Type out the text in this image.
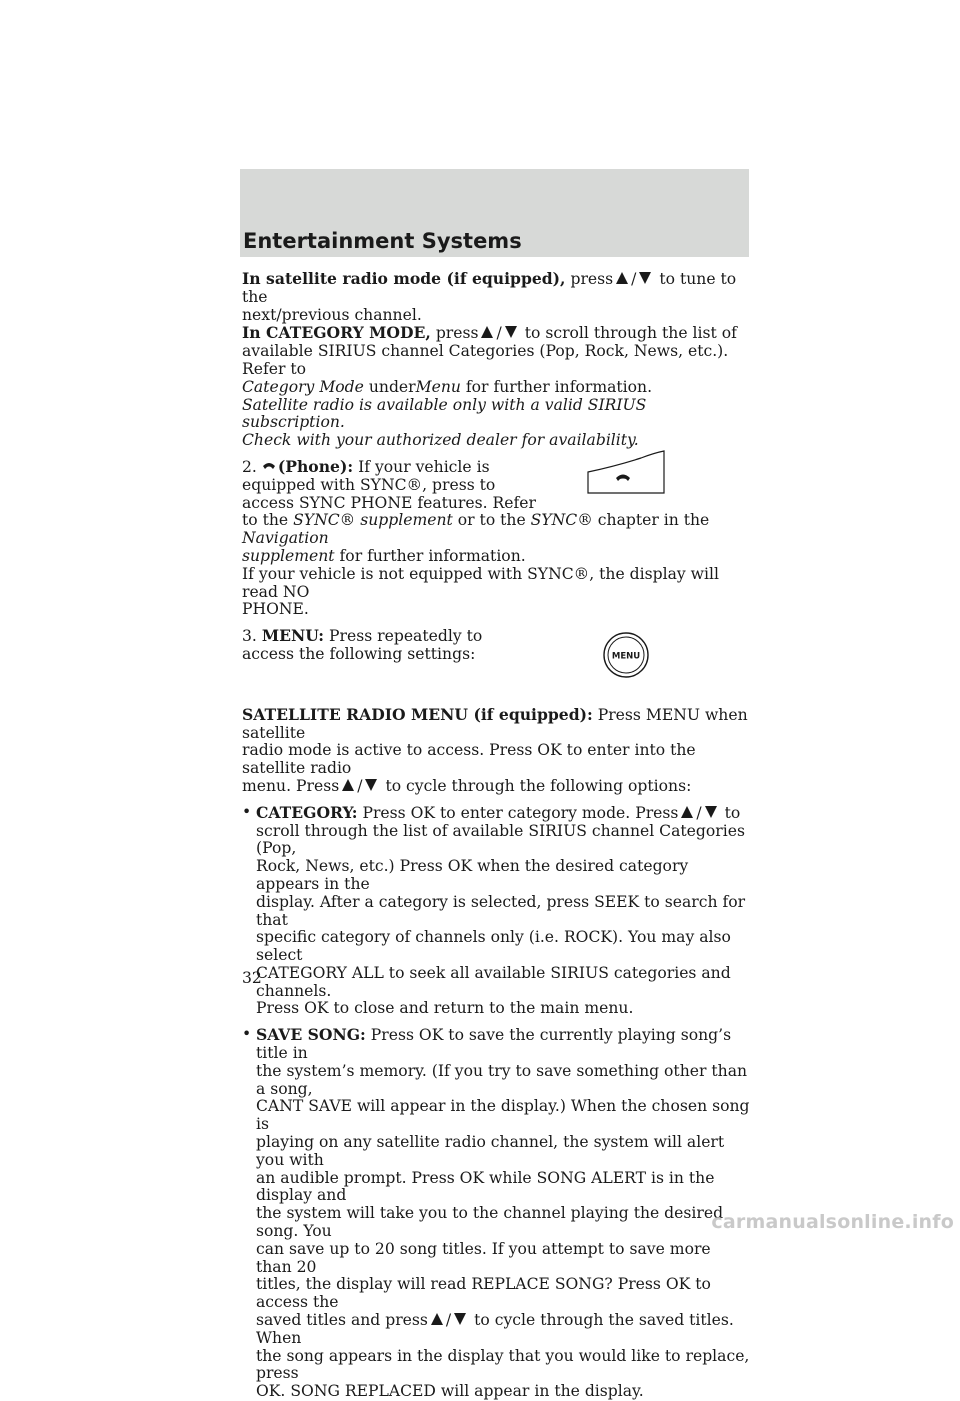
Entertainment Systems

In satellite radio mode (if equipped), press / to tune to the
next/previous channel.

In CATEGORY MODE, press / to scroll through the list of
available SIRIUS channel Categories (Pop, Rock, News, etc.). Refer to
Category Mode underMenu for further information.
Satellite radio is available only with a valid SIRIUS subscription.
Check with your authorized dealer for availability.

2. (Phone): If your vehicle is
equipped with SYNC®, press to
access SYNC PHONE features. Refer
to the SYNC® supplement or to the SYNC® chapter in the Navigation
supplement for further information.
If your vehicle is not equipped with SYNC®, the display will read NO
PHONE.

3. MENU: Press repeatedly to
access the following settings:	MENU

SATELLITE RADIO MENU (if equipped): Press MENU when satellite
radio mode is active to access. Press OK to enter into the satellite radio
menu. Press / to cycle through the following options:

• CATEGORY: Press OK to enter category mode. Press / to
scroll through the list of available SIRIUS channel Categories (Pop,
Rock, News, etc.) Press OK when the desired category appears in the
display. After a category is selected, press SEEK to search for that
specific category of channels only (i.e. ROCK). You may also select
CATEGORY ALL to seek all available SIRIUS categories and channels.
Press OK to close and return to the main menu.

• SAVE SONG: Press OK to save the currently playing song’s title in
the system’s memory. (If you try to save something other than a song,
CANT SAVE will appear in the display.) When the chosen song is
playing on any satellite radio channel, the system will alert you with
an audible prompt. Press OK while SONG ALERT is in the display and
the system will take you to the channel playing the desired song. You
can save up to 20 song titles. If you attempt to save more than 20
titles, the display will read REPLACE SONG? Press OK to access the
saved titles and press / to cycle through the saved titles. When
the song appears in the display that you would like to replace, press
OK. SONG REPLACED will appear in the display.

32
carmanualsonline.info
